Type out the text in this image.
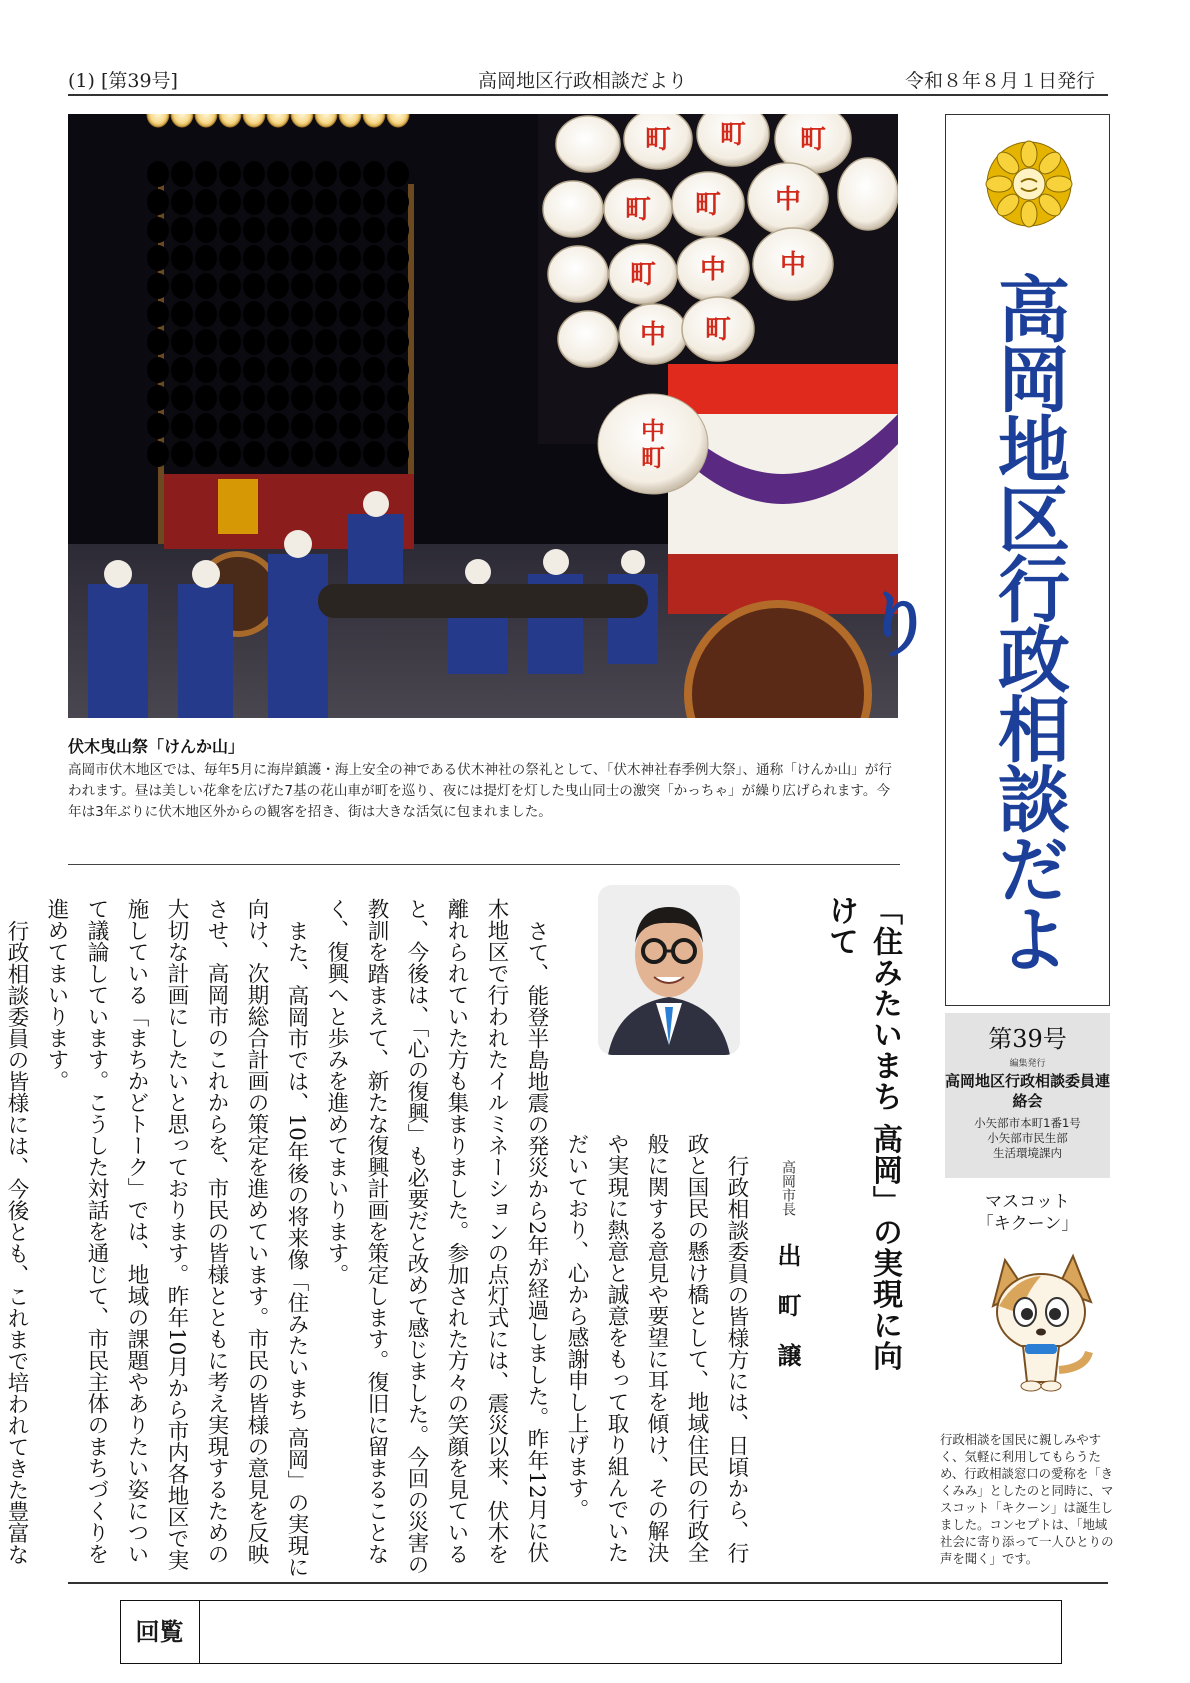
(1) [第39号]	高岡地区行政相談だより	令和８年８月１日発行
町 町 町
町 町 中
町 中 中
中 町
中
町
伏木曳山祭「けんか山」
高岡市伏木地区では、毎年5月に海岸鎮護・海上安全の神である伏木神社の祭礼として、「伏木神社春季例大祭」、通称「けんか山」が行われます。昼は美しい花傘を広げた7基の花山車が町を巡り、夜には提灯を灯した曳山同士の激突「かっちゃ」が繰り広げられます。今年は3年ぶりに伏木地区外からの観客を招き、街は大きな活気に包まれました。
「住みたいまち 高岡」の実現に向けて
高岡市長
出町譲

行政相談委員の皆様方には、日頃から、行政と国民の懸け橋として、地域住民の行政全般に関する意見や要望に耳を傾け、その解決や実現に熱意と誠意をもって取り組んでいただいており、心から感謝申し上げます。

さて、能登半島地震の発災から2年が経過しました。昨年12月に伏木地区で行われたイルミネーションの点灯式には、震災以来、伏木を離れられていた方も集まりました。参加された方々の笑顔を見ていると、今後は、「心の復興」も必要だと改めて感じました。今回の災害の教訓を踏まえて、新たな復興計画を策定します。復旧に留まることなく、復興へと歩みを進めてまいります。

また、高岡市では、10年後の将来像「住みたいまち 高岡」の実現に向け、次期総合計画の策定を進めています。市民の皆様の意見を反映させ、高岡市のこれからを、市民の皆様とともに考え実現するための大切な計画にしたいと思っております。昨年10月から市内各地区で実施している「まちかどトーク」では、地域の課題やありたい姿について議論しています。こうした対話を通じて、市民主体のまちづくりを進めてまいります。

行政相談委員の皆様には、今後とも、これまで培われてきた豊富な

高岡地区行政相談だより
第39号
編集発行
高岡地区行政相談委員連絡会
小矢部市本町1番1号
小矢部市民生部
生活環境課内
マスコット
「キクーン」
行政相談を国民に親しみやすく、気軽に利用してもらうため、行政相談窓口の愛称を「きくみみ」としたのと同時に、マスコット「キクーン」は誕生しました。コンセプトは、「地域社会に寄り添って一人ひとりの声を聞く」です。
回覧
